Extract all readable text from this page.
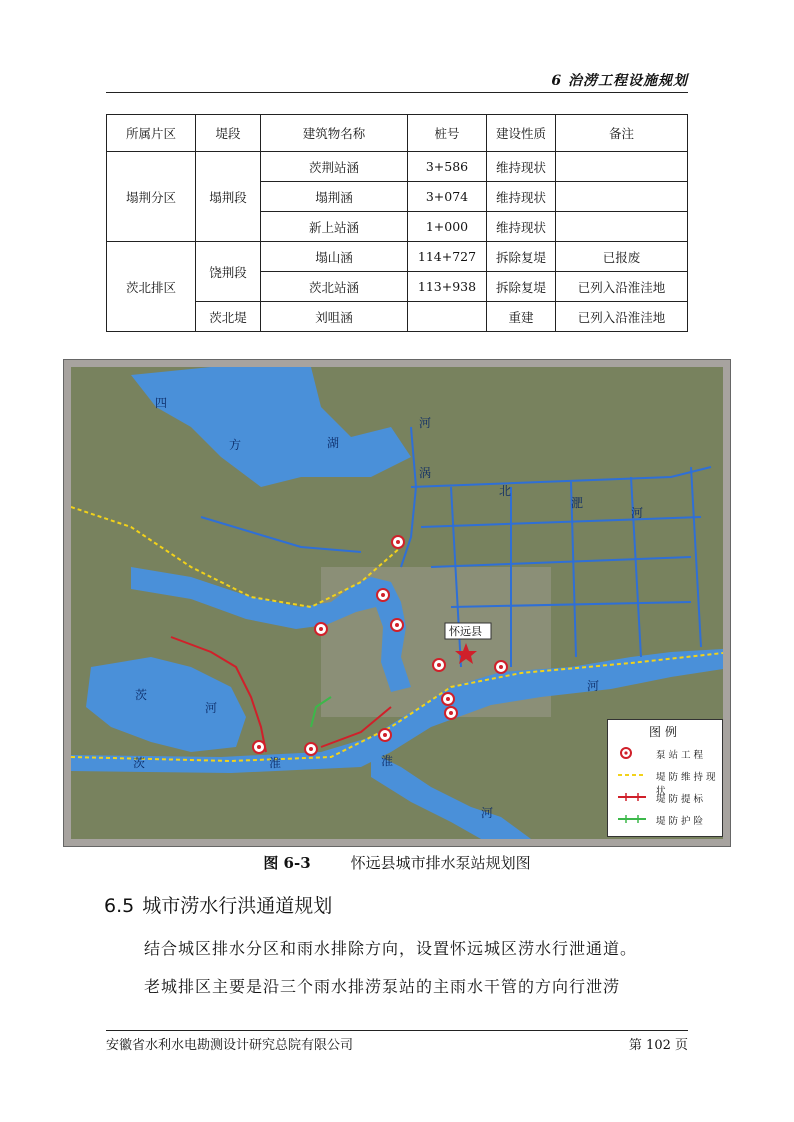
6 治涝工程设施规划
所属片区	堤段	建筑物名称	桩号	建设性质	备注
塌荆分区	塌荆段	茨荆站涵	3+586	维持现状	
		塌荆涵	3+074	维持现状	
		新上站涵	1+000	维持现状	
茨北排区	饶荆段	塌山涵	114+727	拆除复堤	已报废
		茨北站涵	113+938	拆除复堤	已列入沿淮洼地
	茨北堤	刘咀涵		重建	已列入沿淮洼地
四
方	湖
涡
河
北
淝
河
茨
河
淮
河
茨	淮
河
怀远县
图例
泵站工程
堤防维持现状
堤防提标
堤防护险
图 6-3	怀远县城市排水泵站规划图
6.5 城市涝水行洪通道规划
结合城区排水分区和雨水排除方向，设置怀远城区涝水行泄通道。
老城排区主要是沿三个雨水排涝泵站的主雨水干管的方向行泄涝
安徽省水利水电勘测设计研究总院有限公司	第 102 页
